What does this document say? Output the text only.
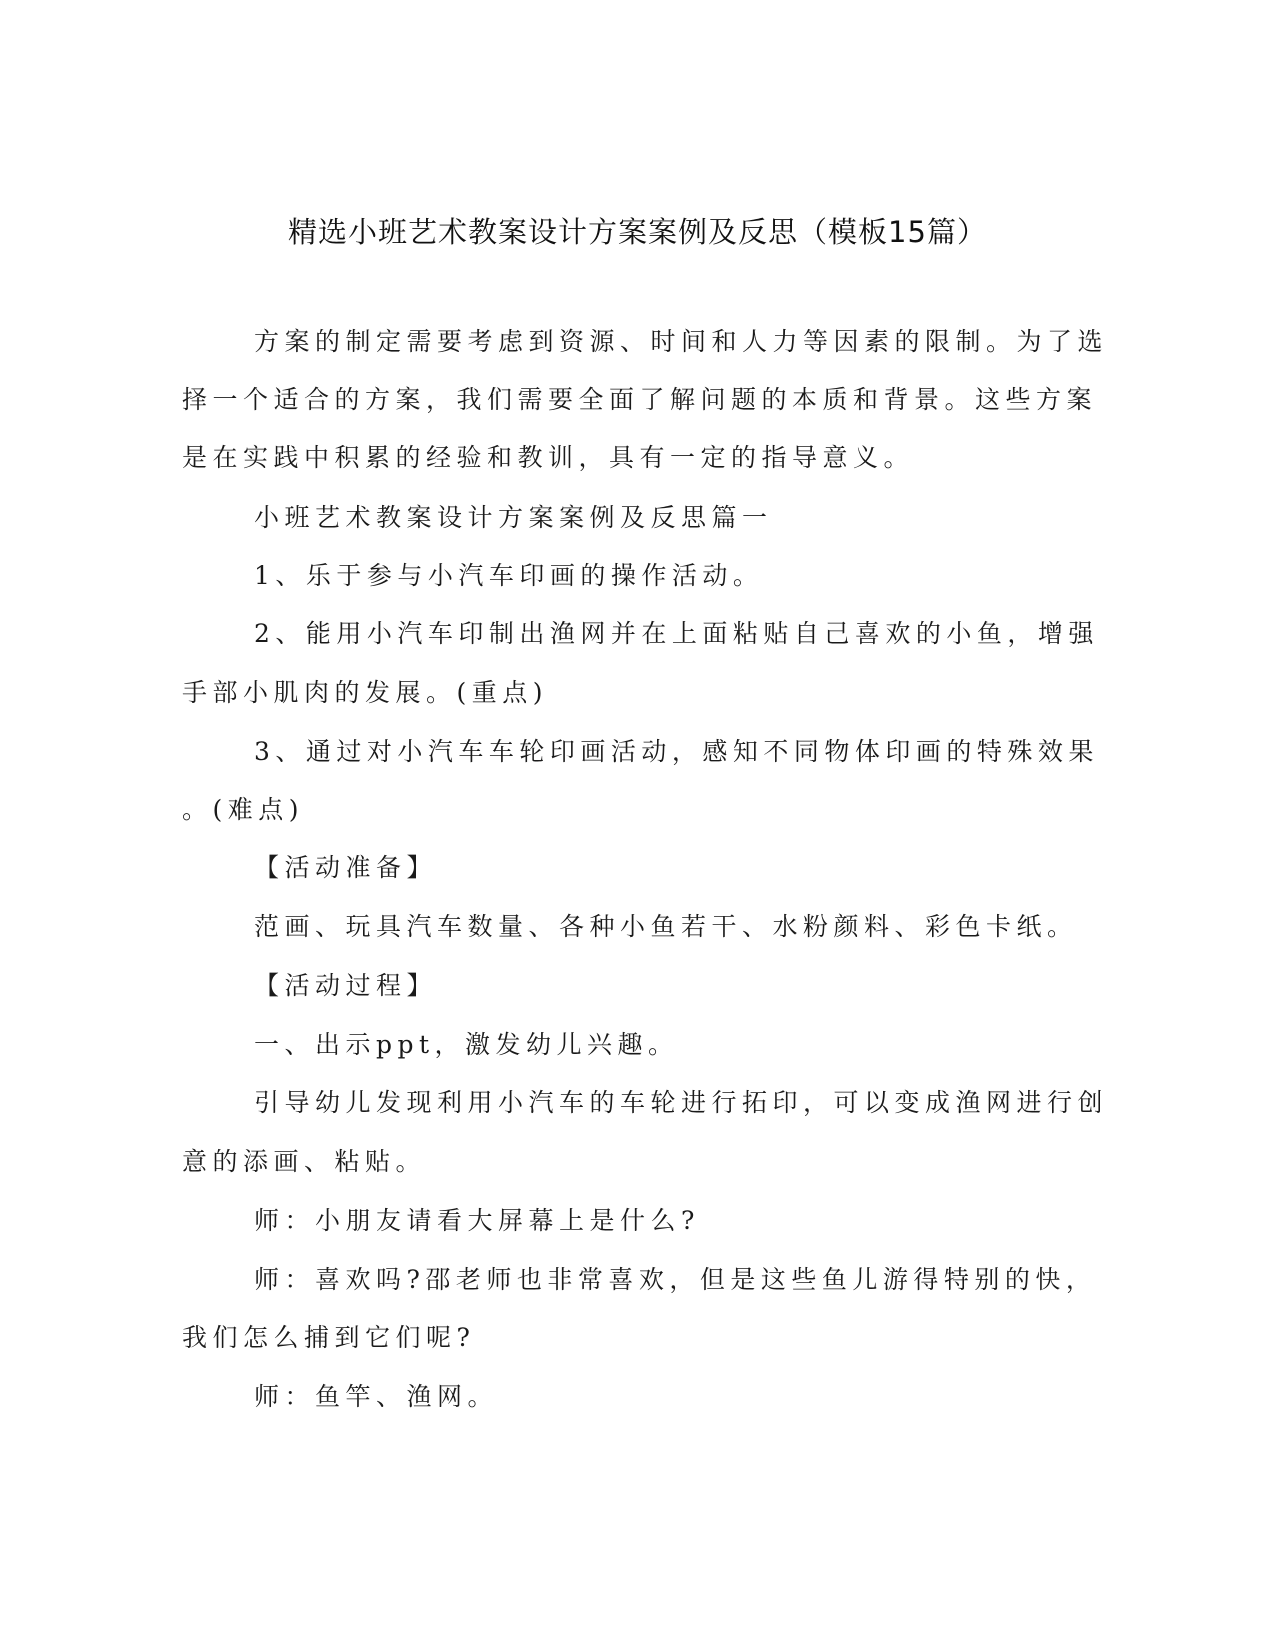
精选小班艺术教案设计方案案例及反思（模板15篇）
方案的制定需要考虑到资源、时间和人力等因素的限制。为了选
择一个适合的方案，我们需要全面了解问题的本质和背景。这些方案
是在实践中积累的经验和教训，具有一定的指导意义。
小班艺术教案设计方案案例及反思篇一
1、乐于参与小汽车印画的操作活动。
2、能用小汽车印制出渔网并在上面粘贴自己喜欢的小鱼，增强
手部小肌肉的发展。(重点)
3、通过对小汽车车轮印画活动，感知不同物体印画的特殊效果
。(难点)
【活动准备】
范画、玩具汽车数量、各种小鱼若干、水粉颜料、彩色卡纸。
【活动过程】
一、出示ppt，激发幼儿兴趣。
引导幼儿发现利用小汽车的车轮进行拓印，可以变成渔网进行创
意的添画、粘贴。
师：小朋友请看大屏幕上是什么?
师：喜欢吗?邵老师也非常喜欢，但是这些鱼儿游得特别的快，
我们怎么捕到它们呢?
师：鱼竿、渔网。
